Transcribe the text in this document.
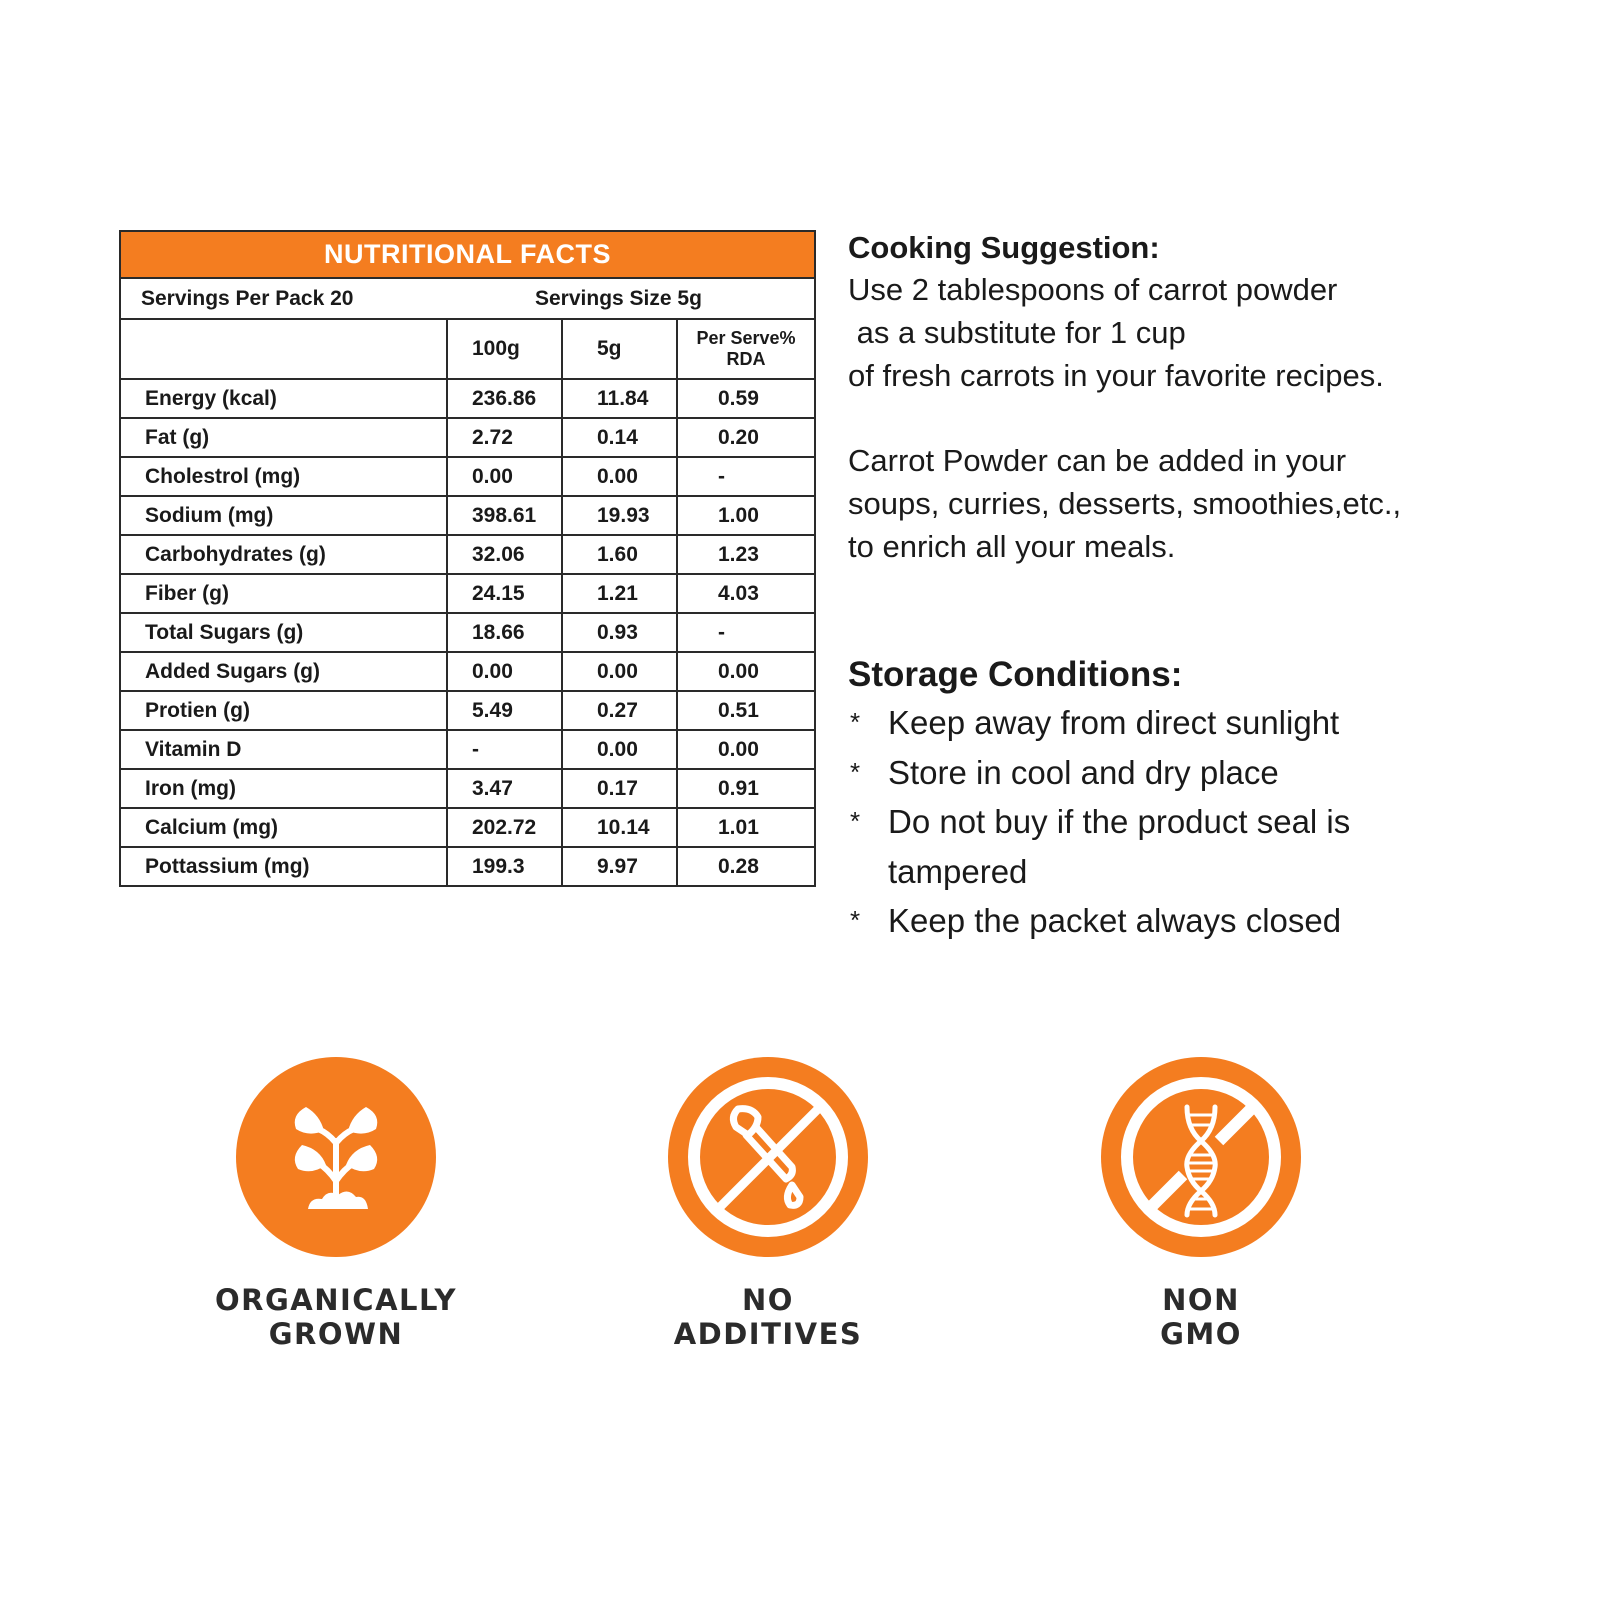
NUTRITIONAL FACTS
Servings Per Pack 20	Servings Size 5g
	100g	5g	Per Serve%
RDA
Energy (kcal)	236.86	11.84	0.59
Fat (g)	2.72	0.14	0.20
Cholestrol (mg)	0.00	0.00	-
Sodium (mg)	398.61	19.93	1.00
Carbohydrates (g)	32.06	1.60	1.23
Fiber (g)	24.15	1.21	4.03
Total Sugars (g)	18.66	0.93	-
Added Sugars (g)	0.00	0.00	0.00
Protien (g)	5.49	0.27	0.51
Vitamin D	-	0.00	0.00
Iron (mg)	3.47	0.17	0.91
Calcium (mg)	202.72	10.14	1.01
Pottassium (mg)	199.3	9.97	0.28
Cooking Suggestion:
Use 2 tablespoons of carrot powder
as a substitute for 1 cup
of fresh carrots in your favorite recipes.
Carrot Powder can be added in your
soups, curries, desserts, smoothies,etc.,
to enrich all your meals.
Storage Conditions:
* Keep away from direct sunlight
* Store in cool and dry place
* Do not buy if the product seal is tampered
* Keep the packet always closed
ORGANICALLY
GROWN
NO
ADDITIVES
NON
GMO
